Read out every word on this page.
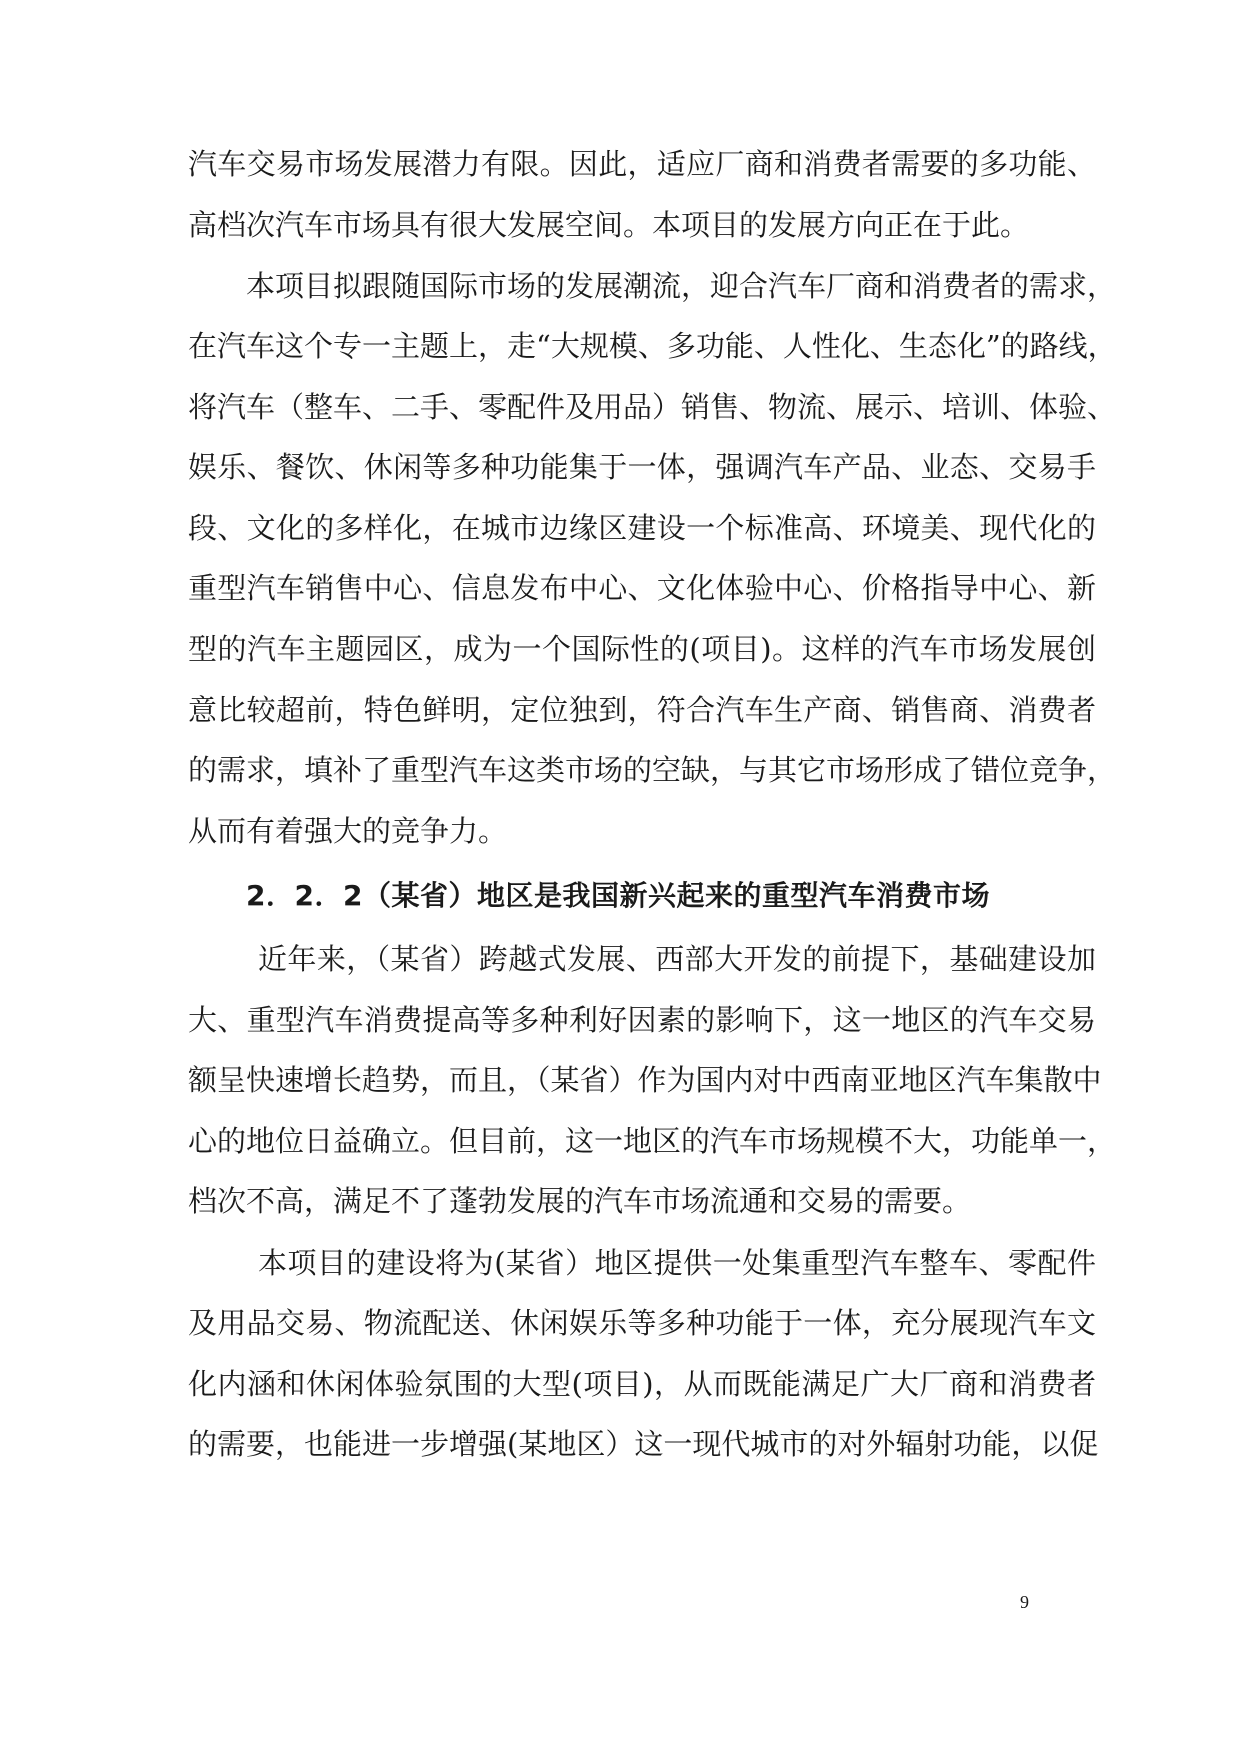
汽车交易市场发展潜力有限。因此，适应厂商和消费者需要的多功能、
高档次汽车市场具有很大发展空间。本项目的发展方向正在于此。
本项目拟跟随国际市场的发展潮流，迎合汽车厂商和消费者的需求，
在汽车这个专一主题上，走“大规模、多功能、人性化、生态化”的路线，
将汽车（整车、二手、零配件及用品）销售、物流、展示、培训、体验、
娱乐、餐饮、休闲等多种功能集于一体，强调汽车产品、业态、交易手
段、文化的多样化，在城市边缘区建设一个标准高、环境美、现代化的
重型汽车销售中心、信息发布中心、文化体验中心、价格指导中心、新
型的汽车主题园区，成为一个国际性的(项目)。这样的汽车市场发展创
意比较超前，特色鲜明，定位独到，符合汽车生产商、销售商、消费者
的需求，填补了重型汽车这类市场的空缺，与其它市场形成了错位竞争，
从而有着强大的竞争力。
2．2．2（某省）地区是我国新兴起来的重型汽车消费市场
近年来，（某省）跨越式发展、西部大开发的前提下，基础建设加
大、重型汽车消费提高等多种利好因素的影响下，这一地区的汽车交易
额呈快速增长趋势，而且，（某省）作为国内对中西南亚地区汽车集散中
心的地位日益确立。但目前，这一地区的汽车市场规模不大，功能单一，
档次不高，满足不了蓬勃发展的汽车市场流通和交易的需要。
本项目的建设将为(某省）地区提供一处集重型汽车整车、零配件
及用品交易、物流配送、休闲娱乐等多种功能于一体，充分展现汽车文
化内涵和休闲体验氛围的大型(项目)，从而既能满足广大厂商和消费者
的需要，也能进一步增强(某地区）这一现代城市的对外辐射功能，以促
9
